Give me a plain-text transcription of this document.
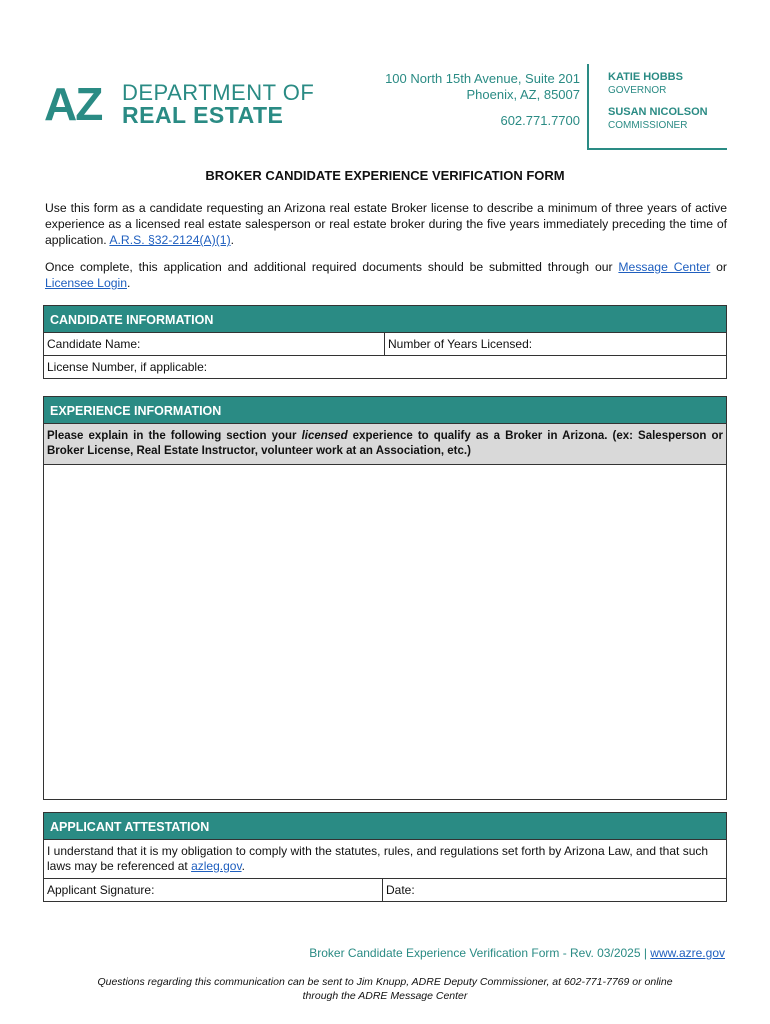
AZ DEPARTMENT OF
REAL ESTATE
100 North 15th Avenue, Suite 201
Phoenix, AZ, 85007
602.771.7700
KATIE HOBBS
GOVERNOR
SUSAN NICOLSON
COMMISSIONER
BROKER CANDIDATE EXPERIENCE VERIFICATION FORM
Use this form as a candidate requesting an Arizona real estate Broker license to describe a minimum of three years of active experience as a licensed real estate salesperson or real estate broker during the five years immediately preceding the time of application. A.R.S. §32-2124(A)(1).
Once complete, this application and additional required documents should be submitted through our Message Center or Licensee Login.
CANDIDATE INFORMATION
Candidate Name:	Number of Years Licensed:
License Number, if applicable:
EXPERIENCE INFORMATION
Please explain in the following section your licensed experience to qualify as a Broker in Arizona. (ex: Salesperson or Broker License, Real Estate Instructor, volunteer work at an Association, etc.)
APPLICANT ATTESTATION
I understand that it is my obligation to comply with the statutes, rules, and regulations set forth by Arizona Law, and that such laws may be referenced at azleg.gov.
Applicant Signature:	Date:
Broker Candidate Experience Verification Form - Rev. 03/2025 | www.azre.gov
Questions regarding this communication can be sent to Jim Knupp, ADRE Deputy Commissioner, at 602-771-7769 or online
through the ADRE Message Center
